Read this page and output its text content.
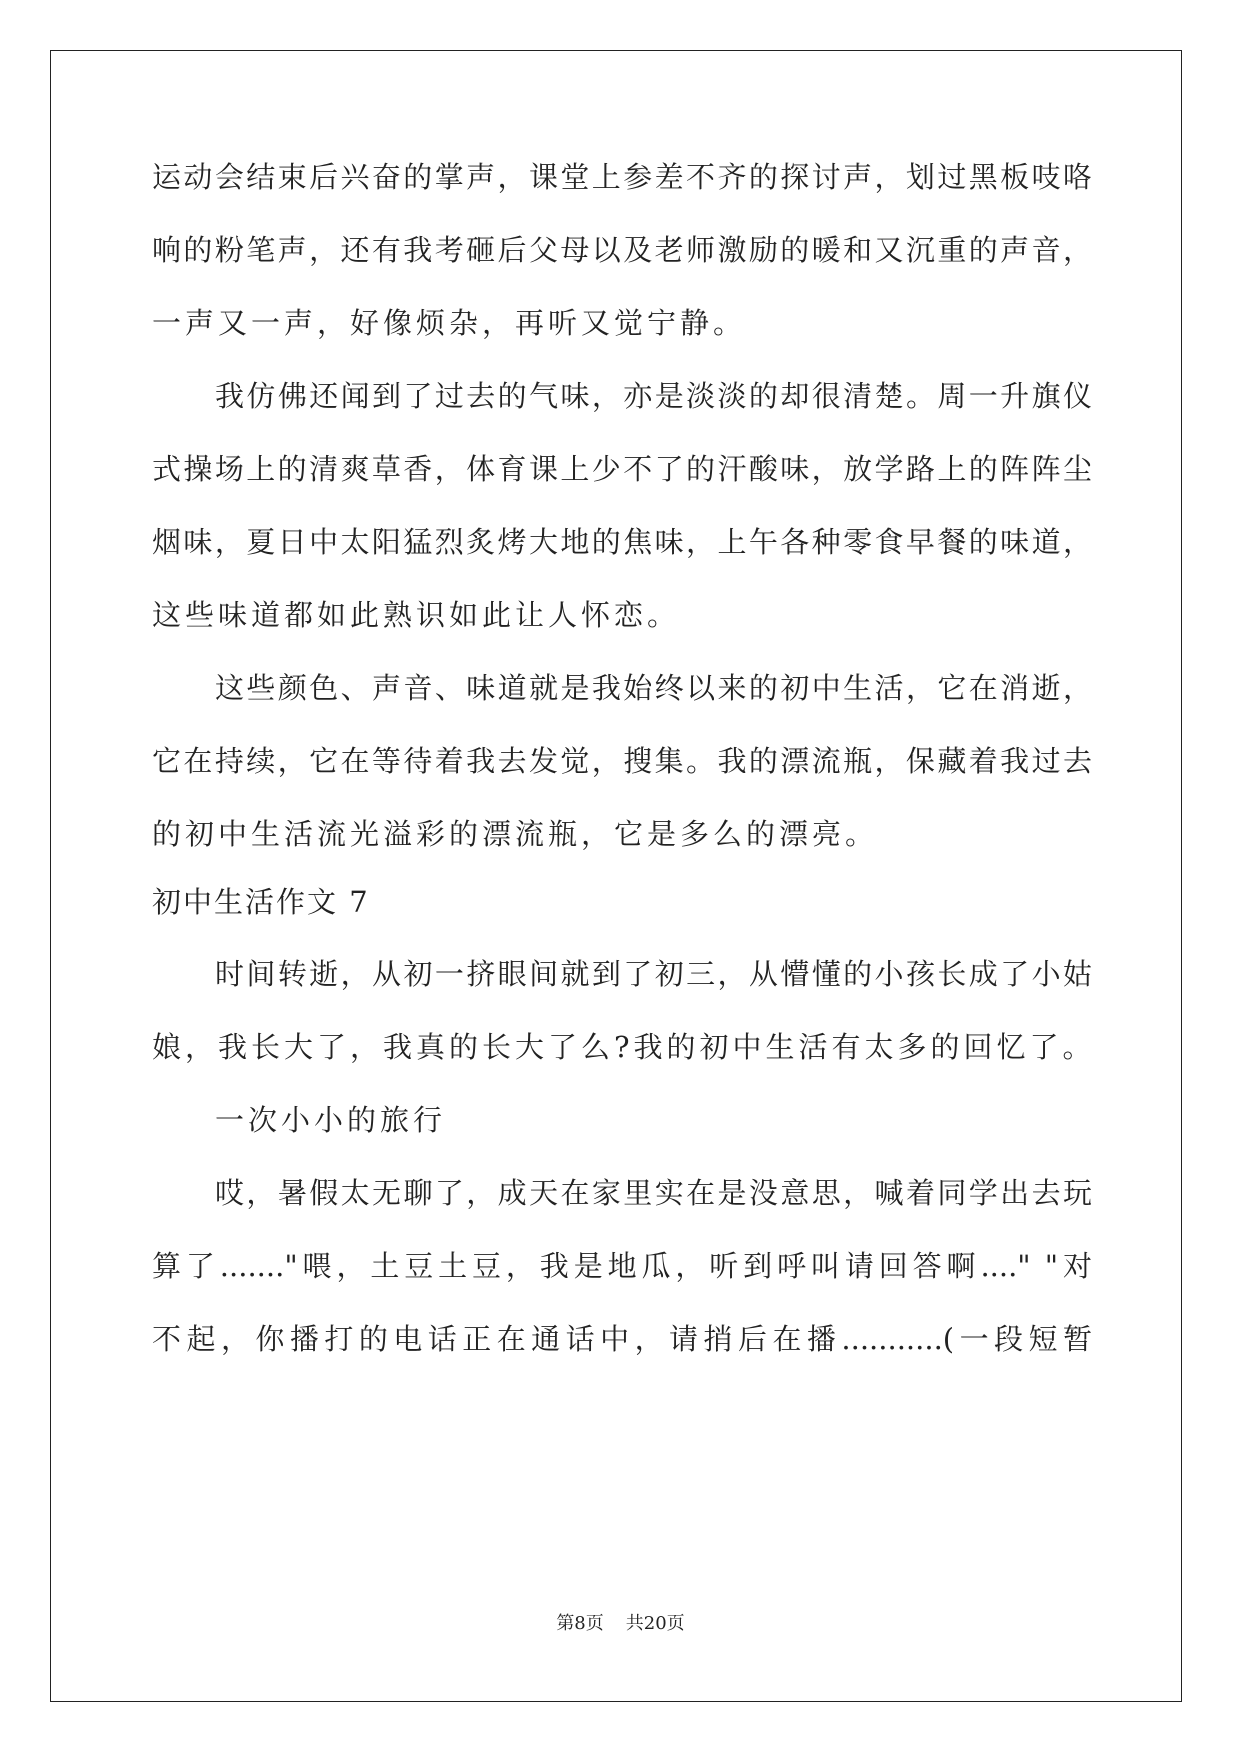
运动会结束后兴奋的掌声，课堂上参差不齐的探讨声，划过黑板吱咯
响的粉笔声，还有我考砸后父母以及老师激励的暖和又沉重的声音，
一声又一声，好像烦杂，再听又觉宁静。
我仿佛还闻到了过去的气味，亦是淡淡的却很清楚。周一升旗仪
式操场上的清爽草香，体育课上少不了的汗酸味，放学路上的阵阵尘
烟味，夏日中太阳猛烈炙烤大地的焦味，上午各种零食早餐的味道，
这些味道都如此熟识如此让人怀恋。
这些颜色、声音、味道就是我始终以来的初中生活，它在消逝，
它在持续，它在等待着我去发觉，搜集。我的漂流瓶，保藏着我过去
的初中生活流光溢彩的漂流瓶，它是多么的漂亮。
初中生活作文 7
时间转逝，从初一挤眼间就到了初三，从懵懂的小孩长成了小姑
娘，我长大了，我真的长大了么?我的初中生活有太多的回忆了。
一次小小的旅行
哎，暑假太无聊了，成天在家里实在是没意思，喊着同学出去玩
算了......."喂，土豆土豆，我是地瓜，听到呼叫请回答啊...." "对
不起，你播打的电话正在通话中，请捎后在播...........(一段短暂
第8页 共20页
